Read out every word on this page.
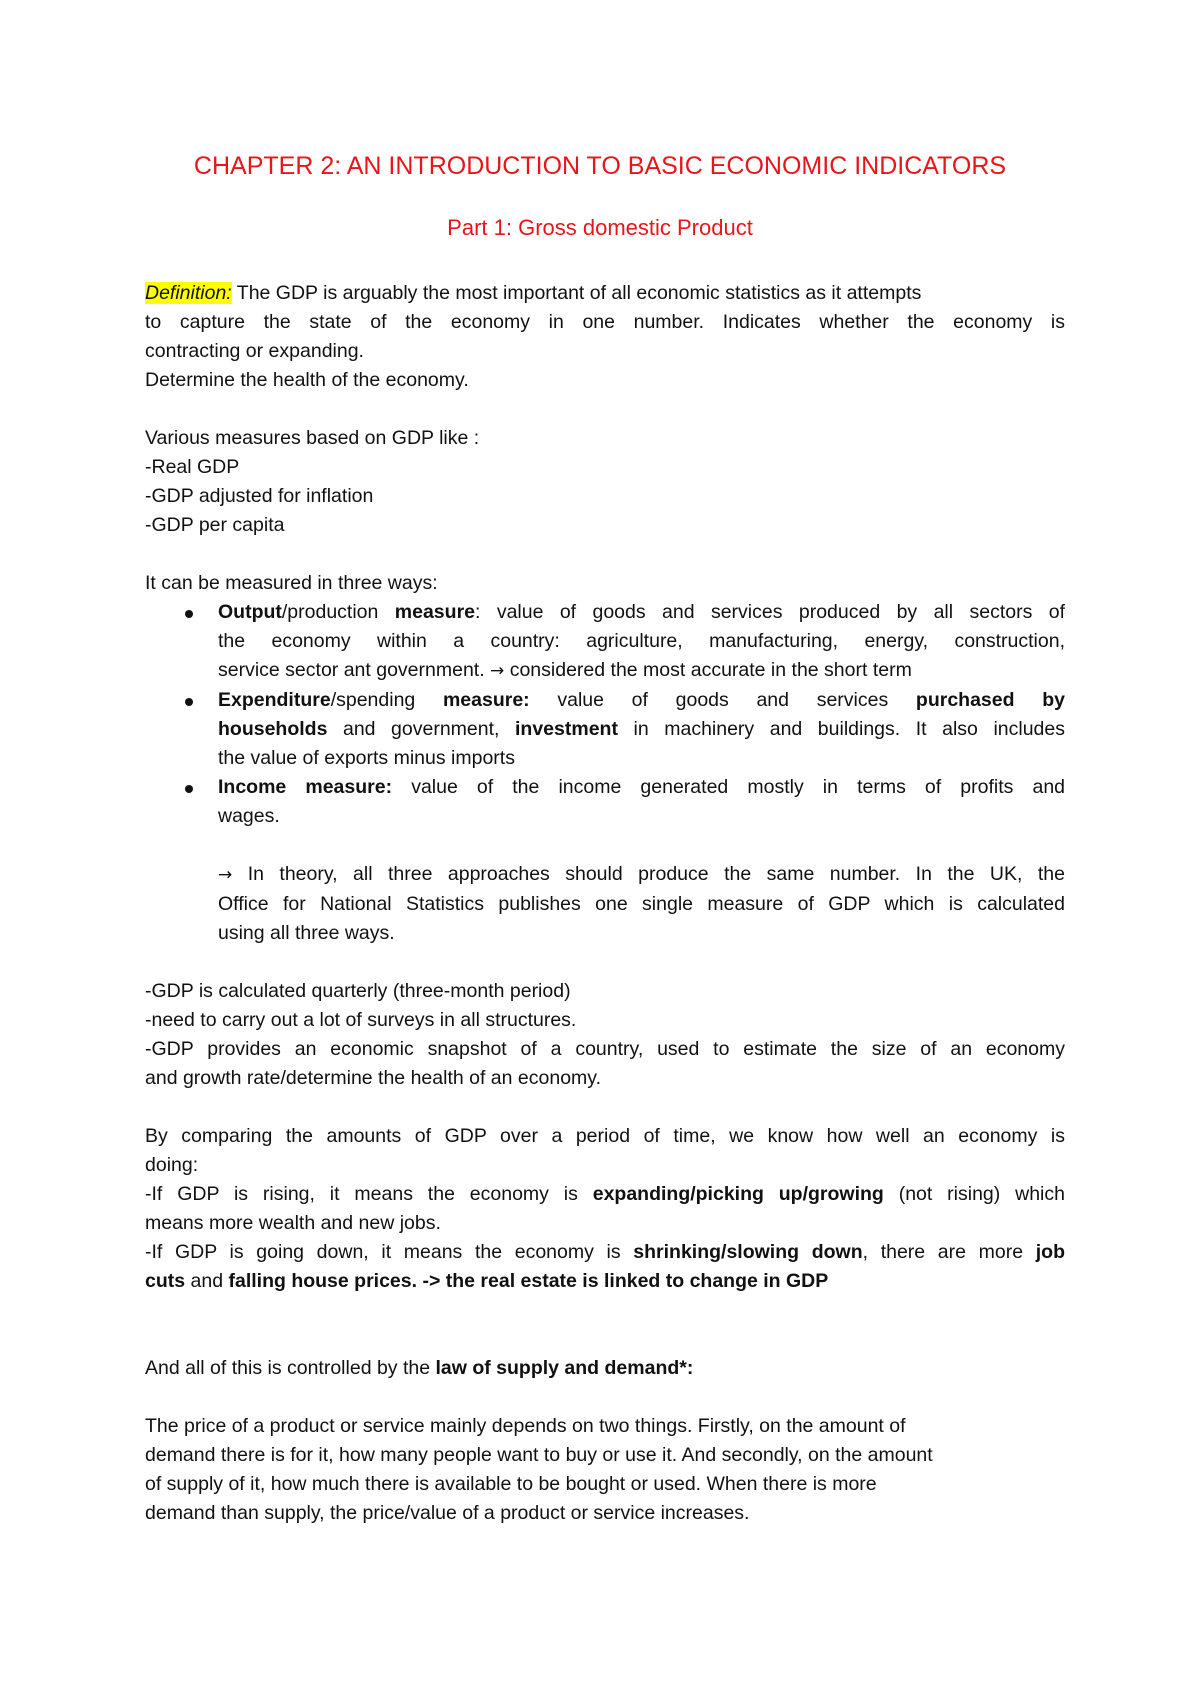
CHAPTER 2: AN INTRODUCTION TO BASIC ECONOMIC INDICATORS
Part 1: Gross domestic Product
Definition: The GDP is arguably the most important of all economic statistics as it attempts
to capture the state of the economy in one number. Indicates whether the economy is
contracting or expanding.
Determine the health of the economy.
Various measures based on GDP like :
-Real GDP
-GDP adjusted for inflation
-GDP per capita
It can be measured in three ways:
Output/production measure: value of goods and services produced by all sectors of
the economy within a country: agriculture, manufacturing, energy, construction,
service sector ant government. → considered the most accurate in the short term
Expenditure/spending measure: value of goods and services purchased by
households and government, investment in machinery and buildings. It also includes
the value of exports minus imports
Income measure: value of the income generated mostly in terms of profits and
wages.
→ In theory, all three approaches should produce the same number. In the UK, the
Office for National Statistics publishes one single measure of GDP which is calculated
using all three ways.
-GDP is calculated quarterly (three-month period)
-need to carry out a lot of surveys in all structures.
-GDP provides an economic snapshot of a country, used to estimate the size of an economy
and growth rate/determine the health of an economy.
By comparing the amounts of GDP over a period of time, we know how well an economy is
doing:
-If GDP is rising, it means the economy is expanding/picking up/growing (not rising) which
means more wealth and new jobs.
-If GDP is going down, it means the economy is shrinking/slowing down, there are more job
cuts and falling house prices. -> the real estate is linked to change in GDP
And all of this is controlled by the law of supply and demand*:
The price of a product or service mainly depends on two things. Firstly, on the amount of
demand there is for it, how many people want to buy or use it. And secondly, on the amount
of supply of it, how much there is available to be bought or used. When there is more
demand than supply, the price/value of a product or service increases.
